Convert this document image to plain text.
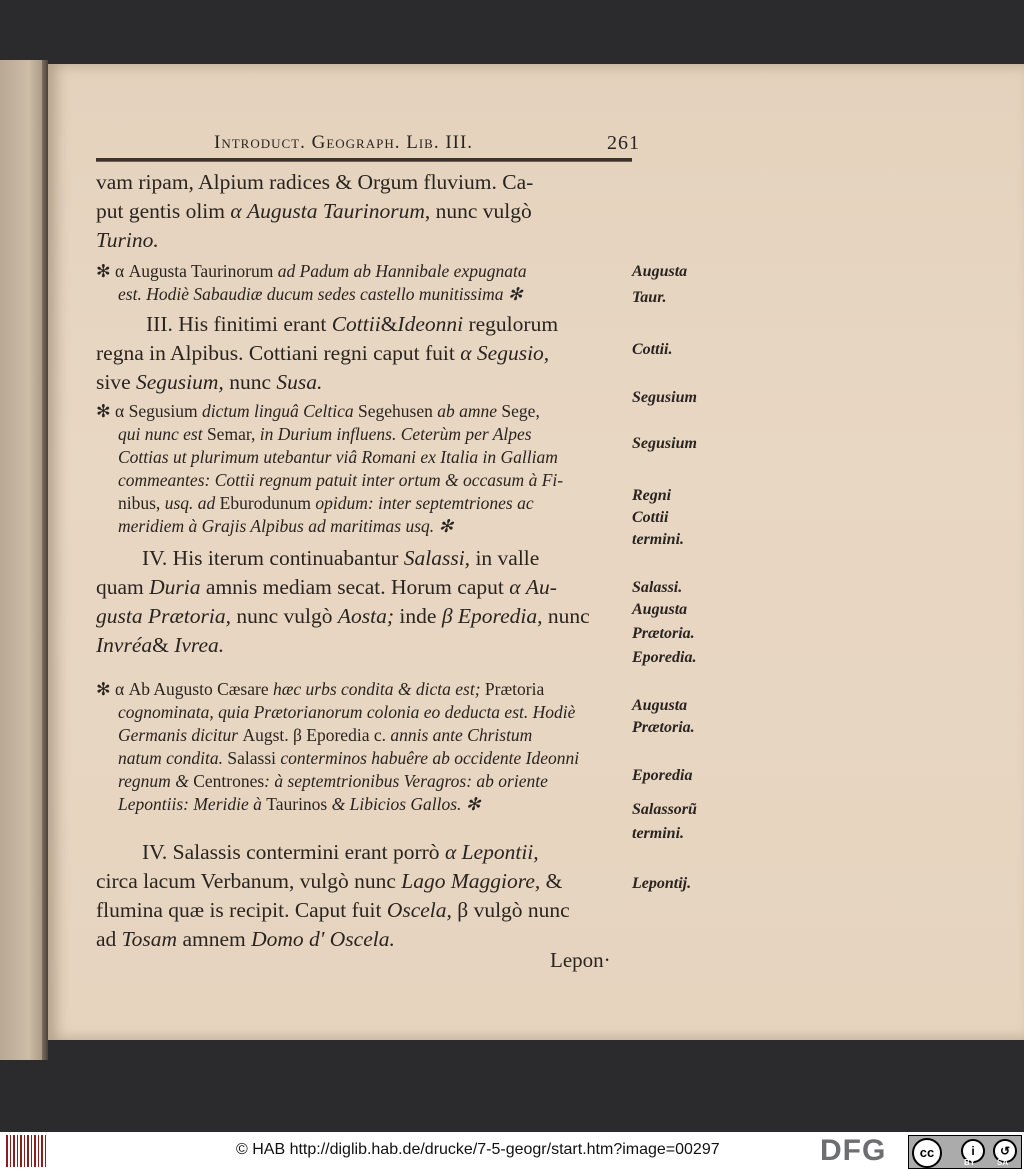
Introduct. Geograph. Lib. III.	261
vam ripam, Alpium radices & Orgum fluvium. Ca-
put gentis olim α Augusta Taurinorum, nunc vulgò
Turino.
✻ α Augusta Taurinorum ad Padum ab Hannibale expugnata
est. Hodiè Sabaudiæ ducum sedes castello munitissima ✻
III. His finitimi erant Cottii&Ideonni regulorum
regna in Alpibus. Cottiani regni caput fuit α Segusio,
sive Segusium, nunc Susa.
✻ α Segusium dictum linguâ Celtica Segehusen ab amne Sege,
qui nunc est Semar, in Durium influens. Ceterùm per Alpes
Cottias ut plurimum utebantur viâ Romani ex Italia in Galliam
commeantes: Cottii regnum patuit inter ortum & occasum à Fi-
nibus, usq. ad Eburodunum opidum: inter septemtriones ac
meridiem à Grajis Alpibus ad maritimas usq. ✻
IV. His iterum continuabantur Salassi, in valle
quam Duria amnis mediam secat. Horum caput α Au-
gusta Prætoria, nunc vulgò Aosta; inde β Eporedia, nunc
Invréa& Ivrea.
✻ α Ab Augusto Cæsare hæc urbs condita & dicta est; Prætoria
cognominata, quia Prætorianorum colonia eo deducta est. Hodiè
Germanis dicitur Augst. β Eporedia c. annis ante Christum
natum condita. Salassi conterminos habuêre ab occidente Ideonni
regnum & Centrones: à septemtrionibus Veragros: ab oriente
Lepontiis: Meridie à Taurinos & Libicios Gallos. ✻
IV. Salassis contermini erant porrò α Lepontii,
circa lacum Verbanum, vulgò nunc Lago Maggiore, &
flumina quæ is recipit. Caput fuit Oscela, β vulgò nunc
ad Tosam amnem Domo d' Oscela.
Lepon·
Augusta
Taur.
Cottii.
Segusium
Segusium
Regni
Cottii
termini.
Salassi.
Augusta
Prætoria.
Eporedia.
Augusta
Prætoria.
Eporedia
Salassorũ
termini.
Lepontij.
© HAB http://diglib.hab.de/drucke/7-5-geogr/start.htm?image=00297	DFG	cc	i	↺
BY	SA
